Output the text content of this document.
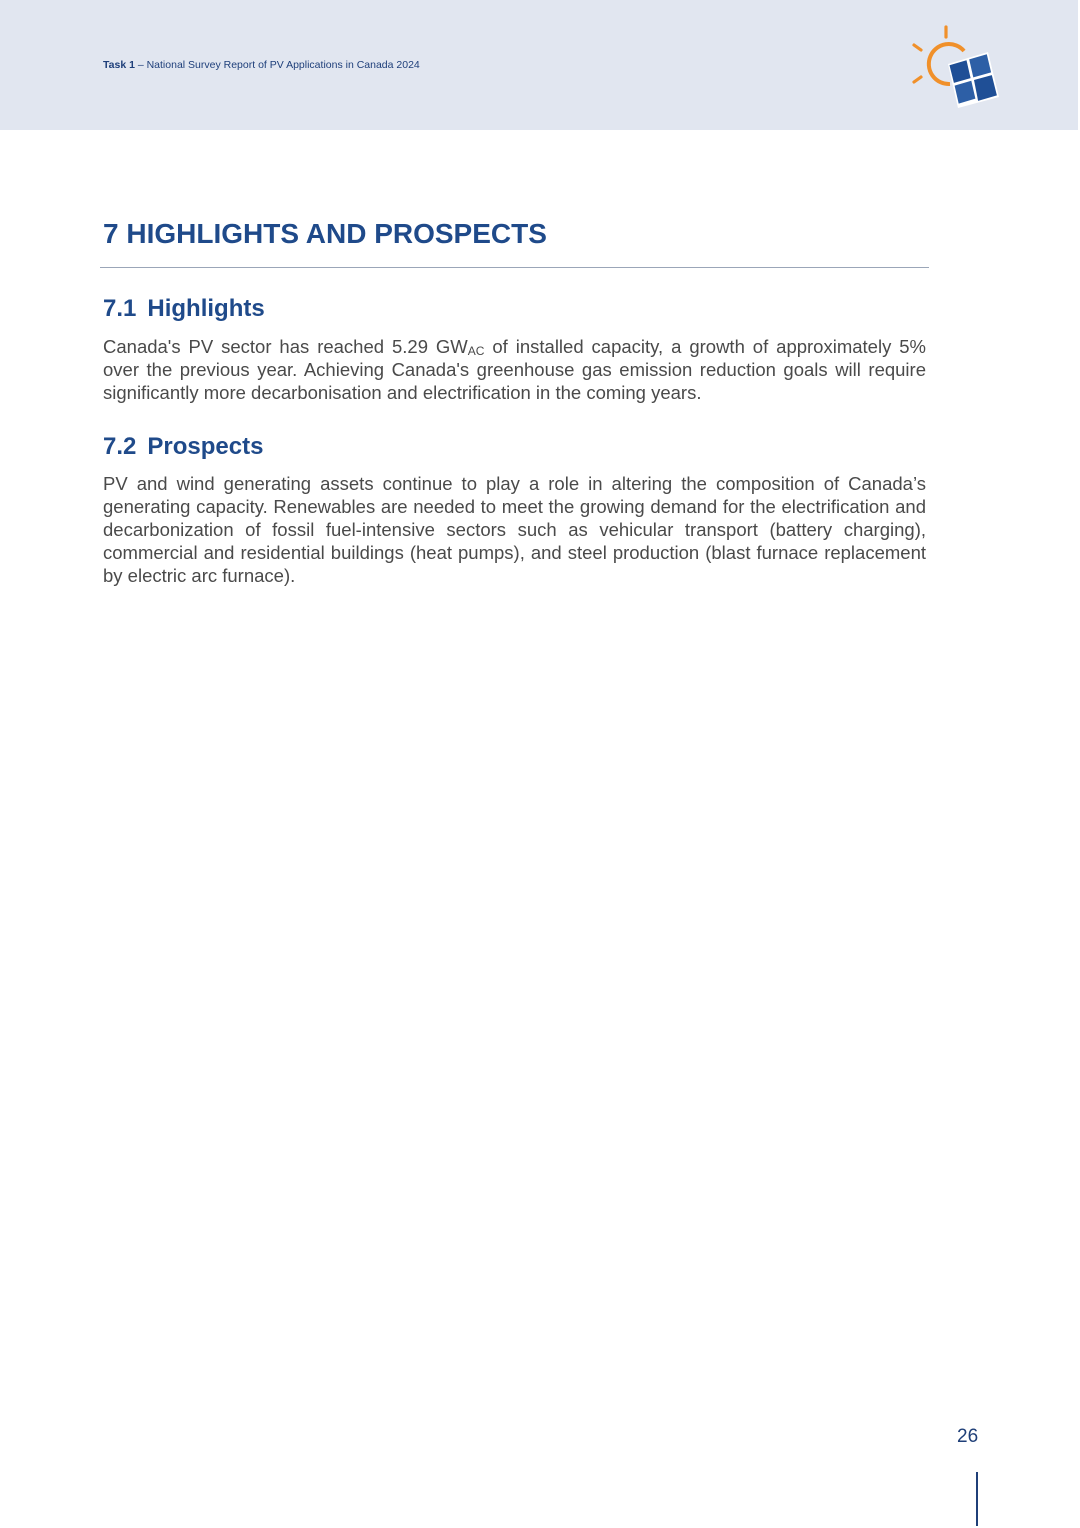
Task 1 – National Survey Report of PV Applications in Canada 2024
7 HIGHLIGHTS AND PROSPECTS
7.1 Highlights

Canada's PV sector has reached 5.29 $GW_{AC}$ of installed capacity, a growth of approximately 5% over the previous year. Achieving Canada's greenhouse gas emission reduction goals will require significantly more decarbonisation and electrification in the coming years.

7.2 Prospects

PV and wind generating assets continue to play a role in altering the composition of Canada’s generating capacity. Renewables are needed to meet the growing demand for the electrification and decarbonization of fossil fuel-intensive sectors such as vehicular transport (battery charging), commercial and residential buildings (heat pumps), and steel production (blast furnace replacement by electric arc furnace).

26
